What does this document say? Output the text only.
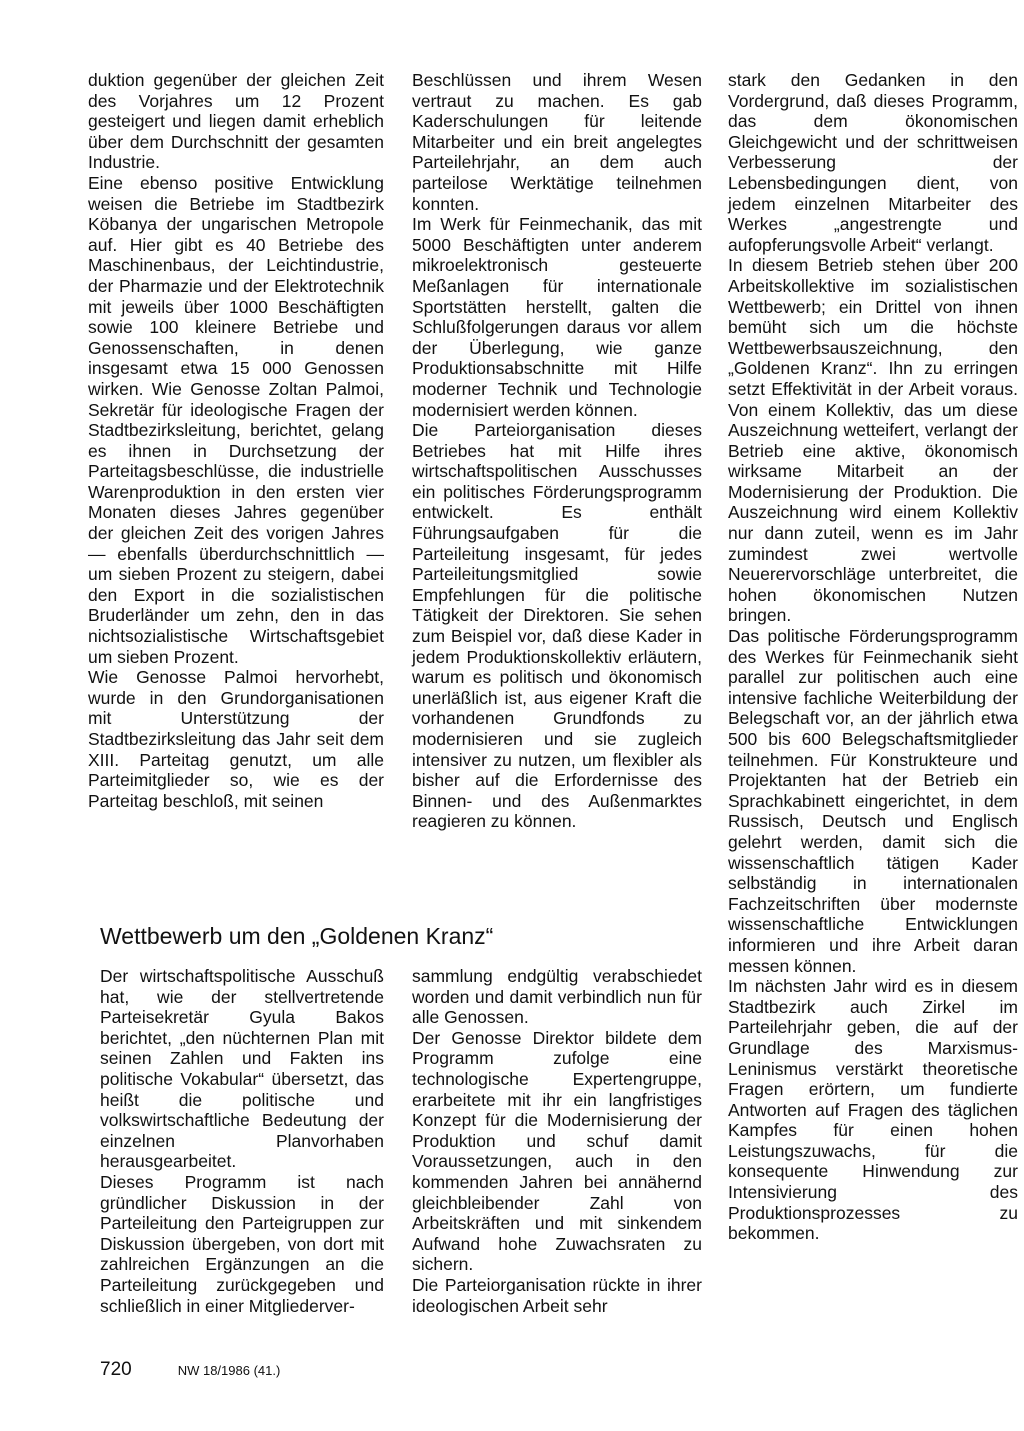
duktion gegenüber der gleichen Zeit des Vorjahres um 12 Prozent gesteigert und liegen damit erheblich über dem Durchschnitt der gesamten Industrie.

Eine ebenso positive Entwicklung weisen die Betriebe im Stadtbezirk Köbanya der ungarischen Metropole auf. Hier gibt es 40 Betriebe des Maschinenbaus, der Leichtindustrie, der Pharmazie und der Elektrotechnik mit jeweils über 1000 Beschäftigten sowie 100 kleinere Betriebe und Genossenschaften, in denen insgesamt etwa 15 000 Genossen wirken. Wie Genosse Zoltan Palmoi, Sekretär für ideologische Fragen der Stadtbezirksleitung, berichtet, gelang es ihnen in Durchsetzung der Parteitagsbeschlüsse, die industrielle Warenproduktion in den ersten vier Monaten dieses Jahres gegenüber der gleichen Zeit des vorigen Jahres — ebenfalls überdurchschnittlich — um sieben Prozent zu steigern, dabei den Export in die sozialistischen Bruderländer um zehn, den in das nichtsozialistische Wirtschaftsgebiet um sieben Prozent.

Wie Genosse Palmoi hervorhebt, wurde in den Grundorganisationen mit Unterstützung der Stadtbezirksleitung das Jahr seit dem XIII. Parteitag genutzt, um alle Parteimitglieder so, wie es der Parteitag beschloß, mit seinen

Beschlüssen und ihrem Wesen vertraut zu machen. Es gab Kaderschulungen für leitende Mitarbeiter und ein breit angelegtes Parteilehrjahr, an dem auch parteilose Werktätige teilnehmen konnten.

Im Werk für Feinmechanik, das mit 5000 Beschäftigten unter anderem mikroelektronisch gesteuerte Meßanlagen für internationale Sportstätten herstellt, galten die Schlußfolgerungen daraus vor allem der Überlegung, wie ganze Produktionsabschnitte mit Hilfe moderner Technik und Technologie modernisiert werden können.

Die Parteiorganisation dieses Betriebes hat mit Hilfe ihres wirtschaftspolitischen Ausschusses ein politisches Förderungsprogramm entwickelt. Es enthält Führungsaufgaben für die Parteileitung insgesamt, für jedes Parteileitungsmitglied sowie Empfehlungen für die politische Tätigkeit der Direktoren. Sie sehen zum Beispiel vor, daß diese Kader in jedem Produktionskollektiv erläutern, warum es politisch und ökonomisch unerläßlich ist, aus eigener Kraft die vorhandenen Grundfonds zu modernisieren und sie zugleich intensiver zu nutzen, um flexibler als bisher auf die Erfordernisse des Binnen- und des Außenmarktes reagieren zu können.

stark den Gedanken in den Vordergrund, daß dieses Programm, das dem ökonomischen Gleichgewicht und der schrittweisen Verbesserung der Lebensbedingungen dient, von jedem einzelnen Mitarbeiter des Werkes „angestrengte und aufopferungsvolle Arbeit“ verlangt.

In diesem Betrieb stehen über 200 Arbeitskollektive im sozialistischen Wettbewerb; ein Drittel von ihnen bemüht sich um die höchste Wettbewerbsauszeichnung, den „Goldenen Kranz“. Ihn zu erringen setzt Effektivität in der Arbeit voraus. Von einem Kollektiv, das um diese Auszeichnung wetteifert, verlangt der Betrieb eine aktive, ökonomisch wirksame Mitarbeit an der Modernisierung der Produktion. Die Auszeichnung wird einem Kollektiv nur dann zuteil, wenn es im Jahr zumindest zwei wertvolle Neuerervorschläge unterbreitet, die hohen ökonomischen Nutzen bringen.

Das politische Förderungsprogramm des Werkes für Feinmechanik sieht parallel zur politischen auch eine intensive fachliche Weiterbildung der Belegschaft vor, an der jährlich etwa 500 bis 600 Belegschaftsmitglieder teilnehmen. Für Konstrukteure und Projektanten hat der Betrieb ein Sprachkabinett eingerichtet, in dem Russisch, Deutsch und Englisch gelehrt werden, damit sich die wissenschaftlich tätigen Kader selbständig in internationalen Fachzeitschriften über modernste wissenschaftliche Entwicklungen informieren und ihre Arbeit daran messen können.

Im nächsten Jahr wird es in diesem Stadtbezirk auch Zirkel im Parteilehrjahr geben, die auf der Grundlage des Marxismus-Leninismus verstärkt theoretische Fragen erörtern, um fundierte Antworten auf Fragen des täglichen Kampfes für einen hohen Leistungszuwachs, für die konsequente Hinwendung zur Intensivierung des Produktionsprozesses zu bekommen.

Wettbewerb um den „Goldenen Kranz“

Der wirtschaftspolitische Ausschuß hat, wie der stellvertretende Parteisekretär Gyula Bakos berichtet, „den nüchternen Plan mit seinen Zahlen und Fakten ins politische Vokabular“ übersetzt, das heißt die politische und volkswirtschaftliche Bedeutung der einzelnen Planvorhaben herausgearbeitet.

Dieses Programm ist nach gründlicher Diskussion in der Parteileitung den Parteigruppen zur Diskussion übergeben, von dort mit zahlreichen Ergänzungen an die Parteileitung zurückgegeben und schließlich in einer Mitgliederver-

sammlung endgültig verabschiedet worden und damit verbindlich nun für alle Genossen.

Der Genosse Direktor bildete dem Programm zufolge eine technologische Expertengruppe, erarbeitete mit ihr ein langfristiges Konzept für die Modernisierung der Produktion und schuf damit Voraussetzungen, auch in den kommenden Jahren bei annähernd gleichbleibender Zahl von Arbeitskräften und mit sinkendem Aufwand hohe Zuwachsraten zu sichern.

Die Parteiorganisation rückte in ihrer ideologischen Arbeit sehr

720	NW 18/1986 (41.)
